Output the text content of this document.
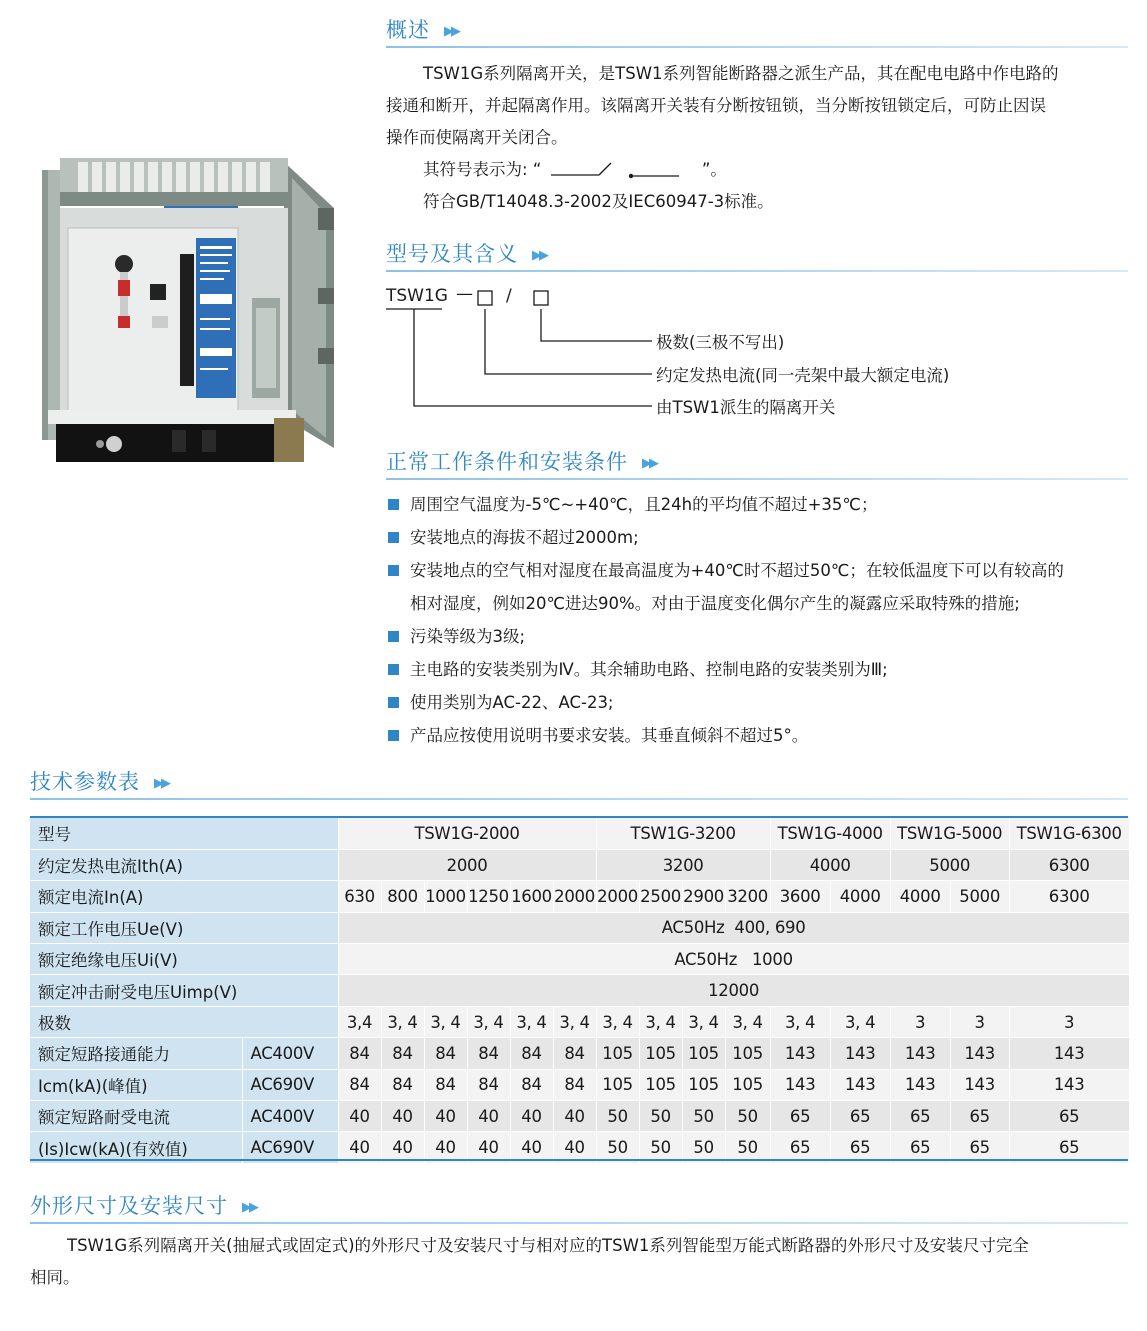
概述 ▶▶
TSW1G系列隔离开关，是TSW1系列智能断路器之派生产品，其在配电电路中作电路的
接通和断开，并起隔离作用。该隔离开关装有分断按钮锁，当分断按钮锁定后，可防止因误
操作而使隔离开关闭合。
其符号表示为: “	”。
符合GB/T14048.3-2002及IEC60947-3标准。
型号及其含义 ▶▶
TSW1G — /
极数(三极不写出)
约定发热电流(同一壳架中最大额定电流)
由TSW1派生的隔离开关
正常工作条件和安装条件 ▶▶
周围空气温度为-5℃~+40℃，且24h的平均值不超过+35℃；
安装地点的海拔不超过2000m;
安装地点的空气相对湿度在最高温度为+40℃时不超过50℃；在较低温度下可以有较高的
相对湿度，例如20℃进达90%。对由于温度变化偶尔产生的凝露应采取特殊的措施;
污染等级为3级;
主电路的安装类别为Ⅳ。其余辅助电路、控制电路的安装类别为Ⅲ;
使用类别为AC-22、AC-23;
产品应按使用说明书要求安装。其垂直倾斜不超过5°。
技术参数表 ▶▶
型号		TSW1G-2000						TSW1G-3200				TSW1G-4000		TSW1G-5000		TSW1G-6300
约定发热电流Ith(A)		2000						3200				4000		5000		6300
额定电流In(A)		630	800	1000	1250	1600	2000	2000	2500	2900	3200	3600	4000	4000	5000	6300
额定工作电压Ue(V)		AC50Hz  400, 690														
额定绝缘电压Ui(V)		AC50Hz   1000														
额定冲击耐受电压Uimp(V)		12000														
极数		3,4	3, 4	3, 4	3, 4	3, 4	3, 4	3, 4	3, 4	3, 4	3, 4	3, 4	3, 4	3	3	3
额定短路接通能力	AC400V	84	84	84	84	84	84	105	105	105	105	143	143	143	143	143
Icm(kA)(峰值)	AC690V	84	84	84	84	84	84	105	105	105	105	143	143	143	143	143
额定短路耐受电流	AC400V	40	40	40	40	40	40	50	50	50	50	65	65	65	65	65
(Is)Icw(kA)(有效值)	AC690V	40	40	40	40	40	40	50	50	50	50	65	65	65	65	65
外形尺寸及安装尺寸 ▶▶
TSW1G系列隔离开关(抽屉式或固定式)的外形尺寸及安装尺寸与相对应的TSW1系列智能型万能式断路器的外形尺寸及安装尺寸完全
相同。
